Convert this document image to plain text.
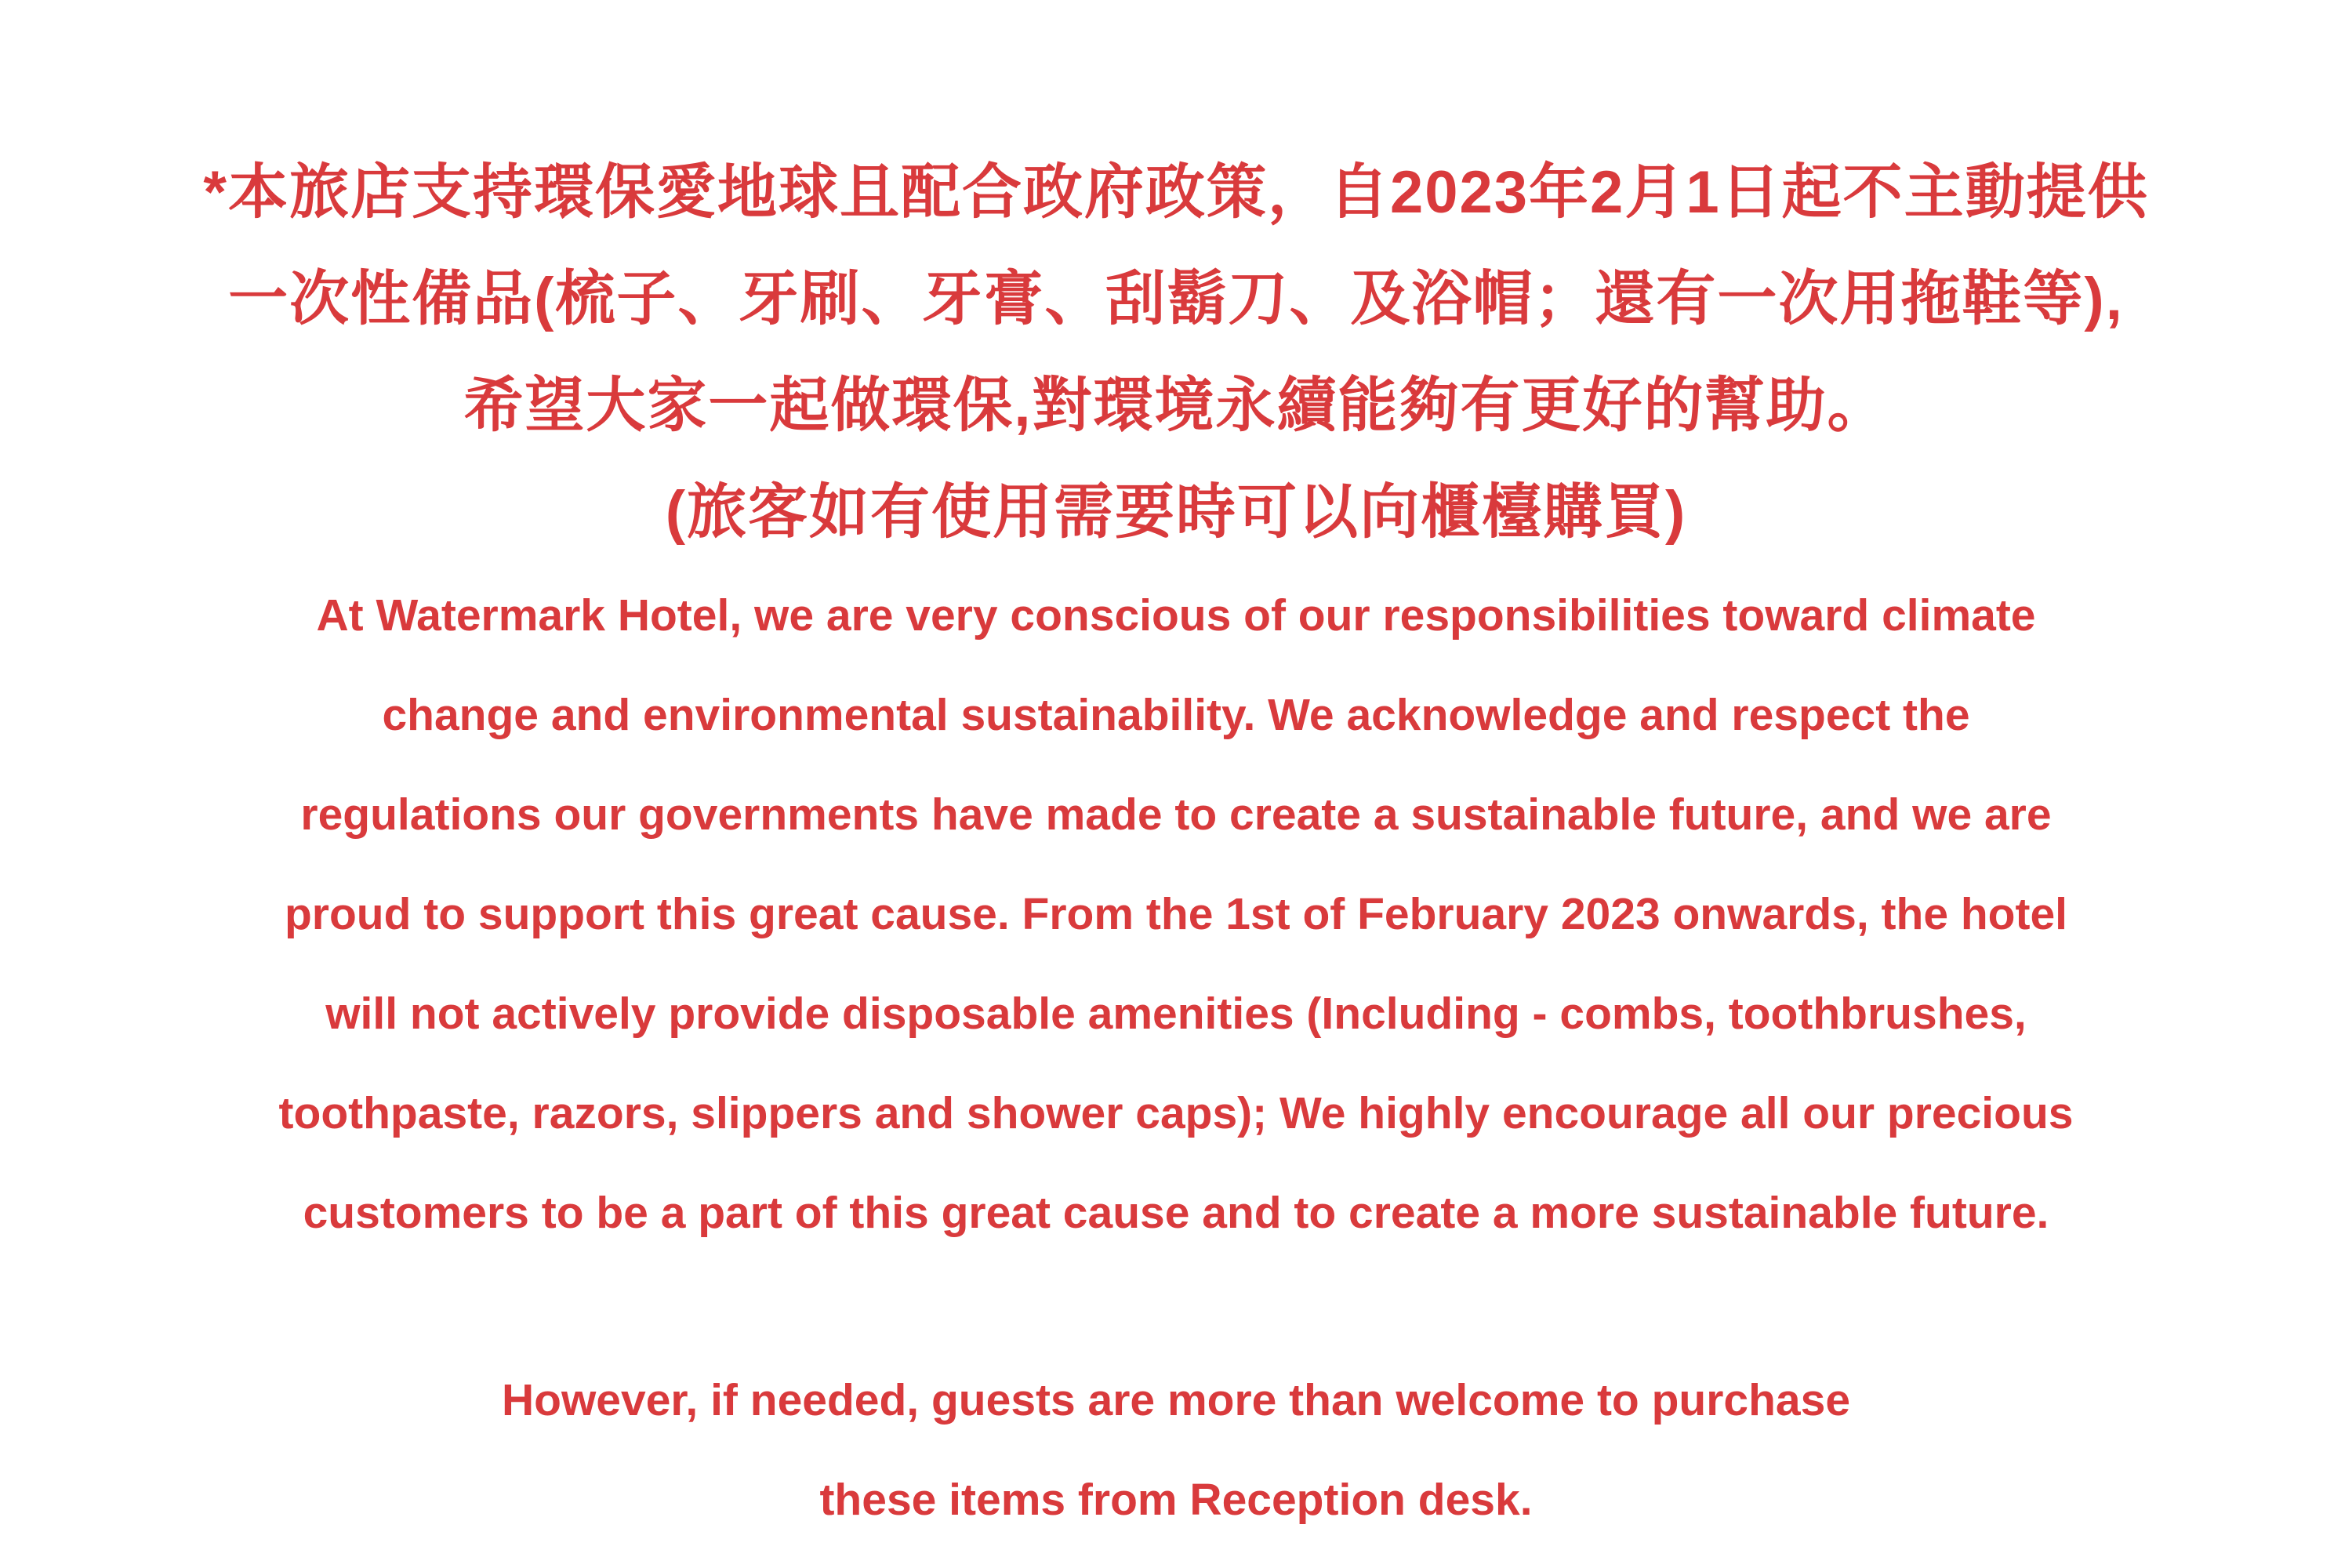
*本旅店支持環保愛地球且配合政府政策，自2023年2月1日起不主動提供
一次性備品(梳子、牙刷、牙膏、刮鬍刀、及浴帽；還有一次用拖鞋等),
希望大家一起做環保,對環境永續能夠有更好的幫助。
(旅客如有使用需要時可以向櫃檯購買)
At Watermark Hotel, we are very conscious of our responsibilities toward climate
change and environmental sustainability. We acknowledge and respect the
regulations our governments have made to create a sustainable future, and we are
proud to support this great cause. From the 1st of February 2023 onwards, the hotel
will not actively provide disposable amenities (Including - combs, toothbrushes,
toothpaste, razors, slippers and shower caps); We highly encourage all our precious
customers to be a part of this great cause and to create a more sustainable future.
However, if needed, guests are more than welcome to purchase
these items from Reception desk.
